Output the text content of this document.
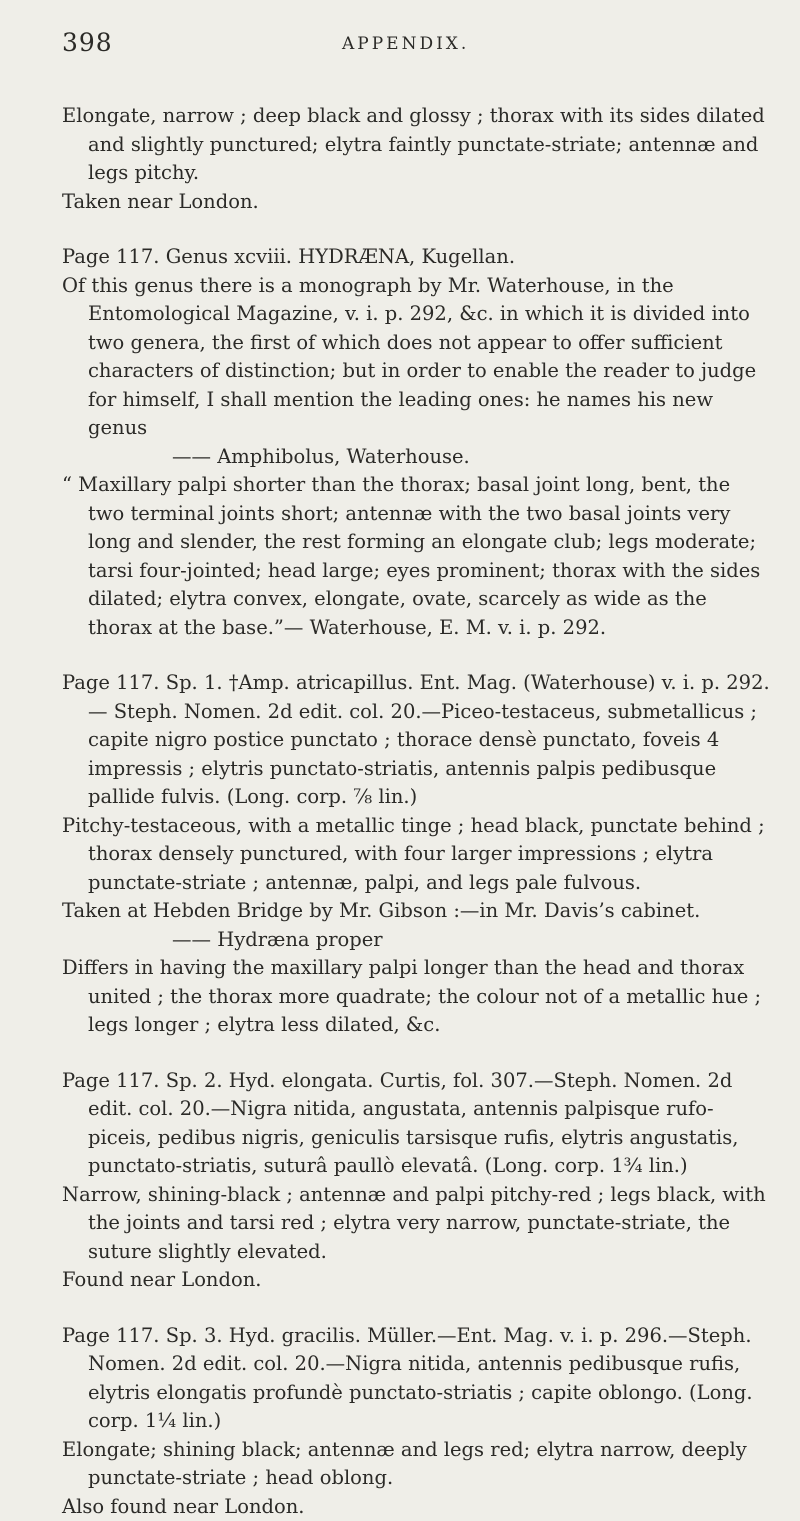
398	APPENDIX.
Elongate, narrow ; deep black and glossy ; thorax with its sides dilated and slightly punctured; elytra faintly punctate-striate; antennæ and legs pitchy.
Taken near London.
Page 117. Genus xcviii. HYDRÆNA, Kugellan.
Of this genus there is a monograph by Mr. Waterhouse, in the Entomological Magazine, v. i. p. 292, &c. in which it is divided into two genera, the first of which does not appear to offer sufficient characters of distinction; but in order to enable the reader to judge for himself, I shall mention the leading ones: he names his new genus
—— Amphibolus, Waterhouse.
“ Maxillary palpi shorter than the thorax; basal joint long, bent, the two terminal joints short; antennæ with the two basal joints very long and slender, the rest forming an elongate club; legs moderate; tarsi four-jointed; head large; eyes prominent; thorax with the sides dilated; elytra convex, elongate, ovate, scarcely as wide as the thorax at the base.”— Waterhouse, E. M. v. i. p. 292.
Page 117. Sp. 1. †Amp. atricapillus. Ent. Mag. (Waterhouse) v. i. p. 292.— Steph. Nomen. 2d edit. col. 20.—Piceo-testaceus, submetallicus ; capite nigro postice punctato ; thorace densè punctato, foveis 4 impressis ; elytris punctato-striatis, antennis palpis pedibusque pallide fulvis. (Long. corp. ⅞ lin.)
Pitchy-testaceous, with a metallic tinge ; head black, punctate behind ; thorax densely punctured, with four larger impressions ; elytra punctate-striate ; antennæ, palpi, and legs pale fulvous.
Taken at Hebden Bridge by Mr. Gibson :—in Mr. Davis’s cabinet.
—— Hydræna proper
Differs in having the maxillary palpi longer than the head and thorax united ; the thorax more quadrate; the colour not of a metallic hue ; legs longer ; elytra less dilated, &c.
Page 117. Sp. 2. Hyd. elongata. Curtis, fol. 307.—Steph. Nomen. 2d edit. col. 20.—Nigra nitida, angustata, antennis palpisque rufo-piceis, pedibus nigris, geniculis tarsisque rufis, elytris angustatis, punctato-striatis, suturâ paullò elevatâ. (Long. corp. 1¾ lin.)
Narrow, shining-black ; antennæ and palpi pitchy-red ; legs black, with the joints and tarsi red ; elytra very narrow, punctate-striate, the suture slightly elevated.
Found near London.
Page 117. Sp. 3. Hyd. gracilis. Müller.—Ent. Mag. v. i. p. 296.—Steph. Nomen. 2d edit. col. 20.—Nigra nitida, antennis pedibusque rufis, elytris elongatis profundè punctato-striatis ; capite oblongo. (Long. corp. 1¼ lin.)
Elongate; shining black; antennæ and legs red; elytra narrow, deeply punctate-striate ; head oblong.
Also found near London.
